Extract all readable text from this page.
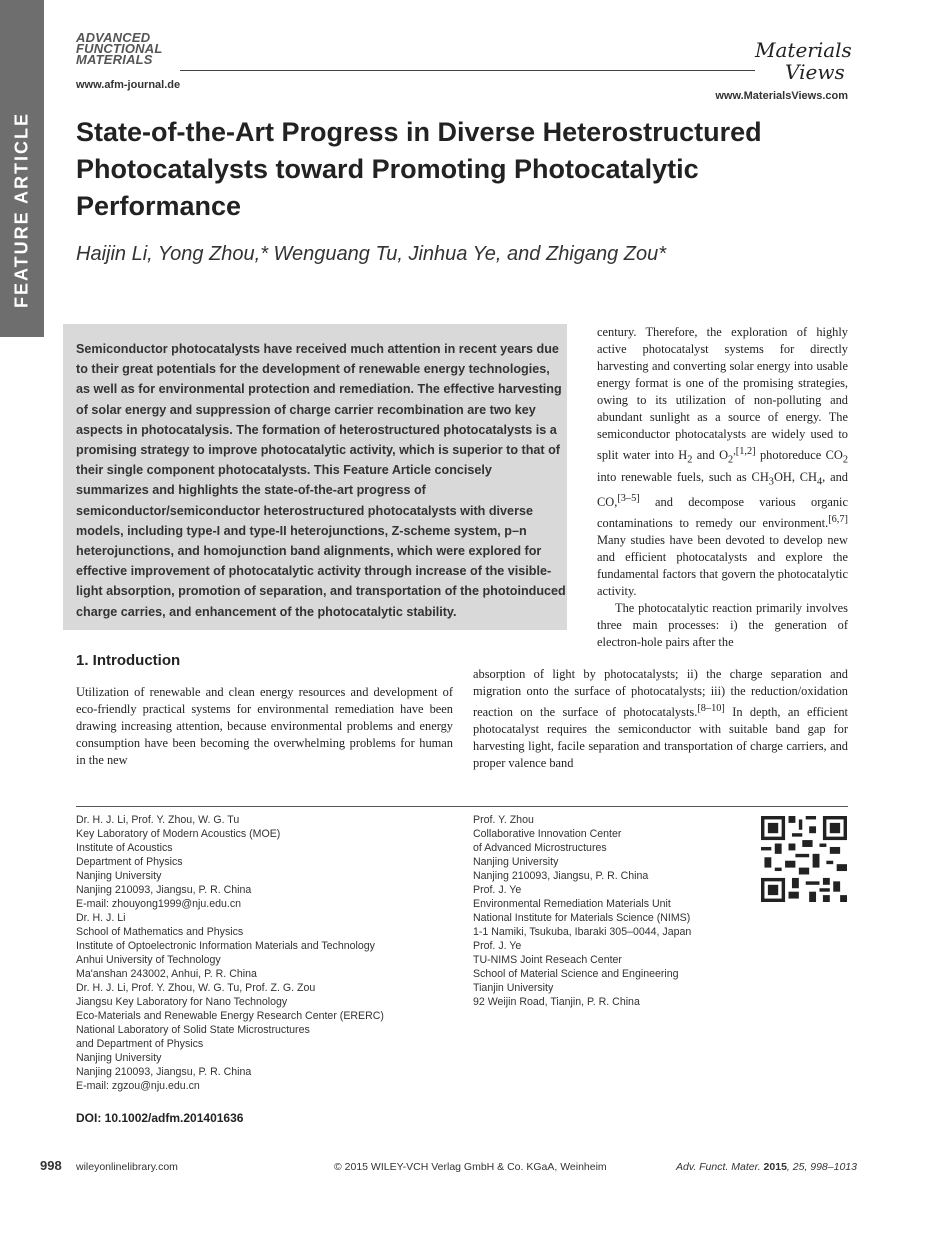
FEATURE ARTICLE
ADVANCED
FUNCTIONAL
MATERIALS
www.afm-journal.de
Materials
Views
www.MaterialsViews.com
State-of-the-Art Progress in Diverse Heterostructured Photocatalysts toward Promoting Photocatalytic Performance
Haijin Li, Yong Zhou,* Wenguang Tu, Jinhua Ye, and Zhigang Zou*

Semiconductor photocatalysts have received much attention in recent years due to their great potentials for the development of renewable energy technologies, as well as for environmental protection and remediation. The effective harvesting of solar energy and suppression of charge carrier recombination are two key aspects in photocatalysis. The formation of heterostructured photocatalysts is a promising strategy to improve photocatalytic activity, which is superior to that of their single component photocatalysts. This Feature Article concisely summarizes and highlights the state-of-the-art progress of semiconductor/semiconductor heterostructured photocatalysts with diverse models, including type-I and type-II heterojunctions, Z-scheme system, p–n heterojunctions, and homojunction band alignments, which were explored for effective improvement of photocatalytic activity through increase of the visible-light absorption, promotion of separation, and transportation of the photoinduced charge carries, and enhancement of the photocatalytic stability.

century. Therefore, the exploration of highly active photocatalyst systems for directly harvesting and converting solar energy into usable energy format is one of the promising strategies, owing to its utilization of non-polluting and abundant sunlight as a source of energy. The semiconductor photocatalysts are widely used to split water into $H_2$ and $O_2^{,[1,2]}$ photoreduce $CO_2$ into renewable fuels, such as $CH_3OH$, $CH_4$, and CO,[3–5] and decompose various organic contaminations to remedy our environment.[6,7] Many studies have been devoted to develop new and efficient photocatalysts and explore the fundamental factors that govern the photocatalytic activity.

The photocatalytic reaction primarily involves three main processes: i) the generation of electron-hole pairs after the

absorption of light by photocatalysts; ii) the charge separation and migration onto the surface of photocatalysts; iii) the reduction/oxidation reaction on the surface of photocatalysts.[8–10] In depth, an efficient photocatalyst requires the semiconductor with suitable band gap for harvesting light, facile separation and transportation of charge carriers, and proper valence band
1. Introduction

Utilization of renewable and clean energy resources and development of eco-friendly practical systems for environmental remediation have been drawing increasing attention, because environmental problems and energy consumption have been becoming the overwhelming problems for human in the new

Dr. H. J. Li, Prof. Y. Zhou, W. G. Tu
Key Laboratory of Modern Acoustics (MOE)
Institute of Acoustics
Department of Physics
Nanjing University
Nanjing 210093, Jiangsu, P. R. China
E-mail: zhouyong1999@nju.edu.cn
Dr. H. J. Li
School of Mathematics and Physics
Institute of Optoelectronic Information Materials and Technology
Anhui University of Technology
Ma'anshan 243002, Anhui, P. R. China
Dr. H. J. Li, Prof. Y. Zhou, W. G. Tu, Prof. Z. G. Zou
Jiangsu Key Laboratory for Nano Technology
Eco-Materials and Renewable Energy Research Center (ERERC)
National Laboratory of Solid State Microstructures
and Department of Physics
Nanjing University
Nanjing 210093, Jiangsu, P. R. China
E-mail: zgzou@nju.edu.cn
Prof. Y. Zhou
Collaborative Innovation Center
of Advanced Microstructures
Nanjing University
Nanjing 210093, Jiangsu, P. R. China
Prof. J. Ye
Environmental Remediation Materials Unit
National Institute for Materials Science (NIMS)
1-1 Namiki, Tsukuba, Ibaraki 305–0044, Japan
Prof. J. Ye
TU-NIMS Joint Reseach Center
School of Material Science and Engineering
Tianjin University
92 Weijin Road, Tianjin, P. R. China
DOI: 10.1002/adfm.201401636
998 wileyonlinelibrary.com	© 2015 WILEY-VCH Verlag GmbH & Co. KGaA, Weinheim	Adv. Funct. Mater. 2015, 25, 998–1013
